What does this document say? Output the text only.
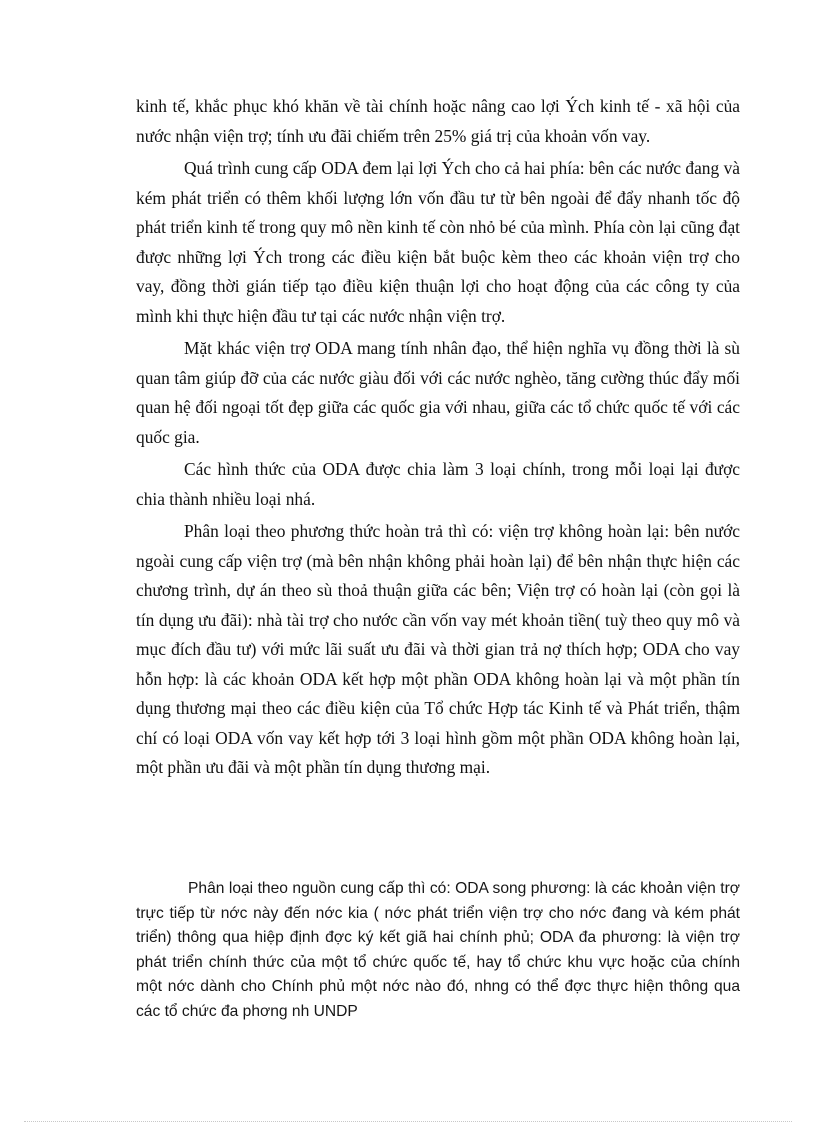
kinh tế, khắc phục khó khăn về tài chính hoặc nâng cao lợi Ých kinh tế - xã hội của nước nhận viện trợ; tính ưu đãi chiếm trên 25% giá trị của khoản vốn vay.

Quá trình cung cấp ODA đem lại lợi Ých cho cả hai phía: bên các nước đang và kém phát triển có thêm khối lượng lớn vốn đầu tư từ bên ngoài để đẩy nhanh tốc độ phát triển kinh tế trong quy mô nền kinh tế còn nhỏ bé của mình. Phía còn lại cũng đạt được những lợi Ých trong các điều kiện bắt buộc kèm theo các khoản viện trợ cho vay, đồng thời gián tiếp tạo điều kiện thuận lợi cho hoạt động của các công ty của mình khi thực hiện đầu tư tại các nước nhận viện trợ.

Mặt khác viện trợ ODA mang tính nhân đạo, thể hiện nghĩa vụ đồng thời là sù quan tâm giúp đỡ của các nước giàu đối với các nước nghèo, tăng cường thúc đẩy mối quan hệ đối ngoại tốt đẹp giữa các quốc gia với nhau, giữa các tổ chức quốc tế với các quốc gia.

Các hình thức của ODA được chia làm 3 loại chính, trong mỗi loại lại được chia thành nhiều loại nhá.

Phân loại theo phương thức hoàn trả thì có: viện trợ không hoàn lại: bên nước ngoài cung cấp viện trợ (mà bên nhận không phải hoàn lại) để bên nhận thực hiện các chương trình, dự án theo sù thoả thuận giữa các bên; Viện trợ có hoàn lại (còn gọi là tín dụng ưu đãi): nhà tài trợ cho nước cần vốn vay mét khoản tiền( tuỳ theo quy mô và mục đích đầu tư) với mức lãi suất ưu đãi và thời gian trả nợ thích hợp; ODA cho vay hỗn hợp: là các khoản ODA kết hợp một phần ODA không hoàn lại và một phần tín dụng thương mại theo các điều kiện của Tổ chức Hợp tác Kinh tế và Phát triển, thậm chí có loại ODA vốn vay kết hợp tới 3 loại hình gồm một phần ODA không hoàn lại, một phần ưu đãi và một phần tín dụng thương mại.

Phân loại theo nguồn cung cấp thì có: ODA song phương: là các khoản viện trợ trực tiếp từ nớc này đến nớc kia ( nớc phát triển viện trợ cho nớc đang và kém phát triển) thông qua hiệp định đợc ký kết giã hai chính phủ; ODA đa phương: là viện trợ phát triển chính thức của một tổ chức quốc tế, hay tổ chức khu vực hoặc của chính một nớc dành cho Chính phủ một nớc nào đó, nhng có thể đợc thực hiện thông qua các tổ chức đa phơng nh UNDP
